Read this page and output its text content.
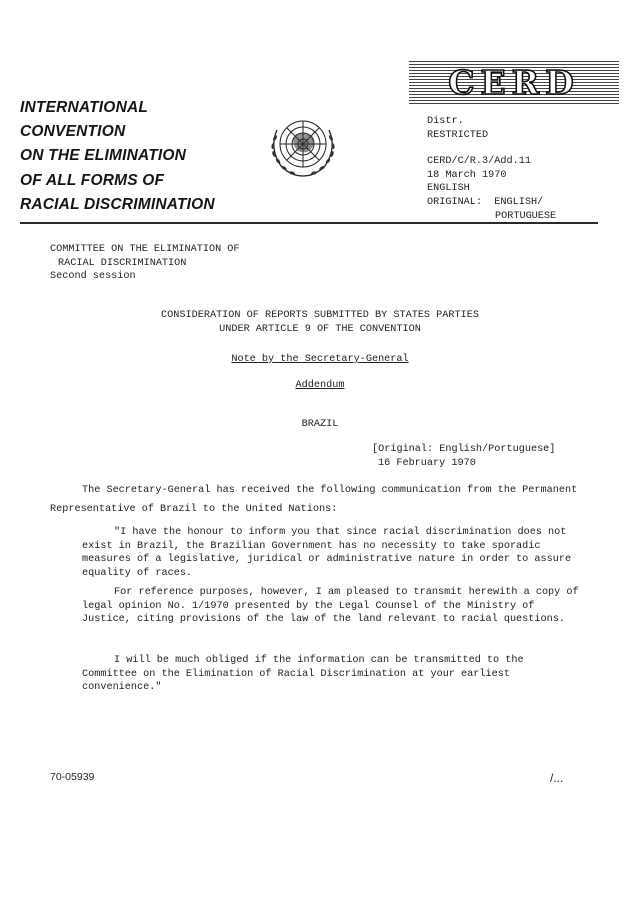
INTERNATIONAL
CONVENTION
ON THE ELIMINATION
OF ALL FORMS OF
RACIAL DISCRIMINATION
CERD
Distr.
RESTRICTED
CERD/C/R.3/Add.11
18 March 1970
ENGLISH
ORIGINAL: ENGLISH/
PORTUGUESE
COMMITTEE ON THE ELIMINATION OF
RACIAL DISCRIMINATION
Second session
CONSIDERATION OF REPORTS SUBMITTED BY STATES PARTIES
UNDER ARTICLE 9 OF THE CONVENTION
Note by the Secretary-General
Addendum
BRAZIL
[Original: English/Portuguese]
16 February 1970
The Secretary-General has received the following communication from the Permanent Representative of Brazil to the United Nations:
"I have the honour to inform you that since racial discrimination does not exist in Brazil, the Brazilian Government has no necessity to take sporadic measures of a legislative, juridical or administrative nature in order to assure equality of races.
For reference purposes, however, I am pleased to transmit herewith a copy of legal opinion No. 1/1970 presented by the Legal Counsel of the Ministry of Justice, citing provisions of the law of the land relevant to racial questions.
I will be much obliged if the information can be transmitted to the Committee on the Elimination of Racial Discrimination at your earliest convenience."
70-05939	/...
